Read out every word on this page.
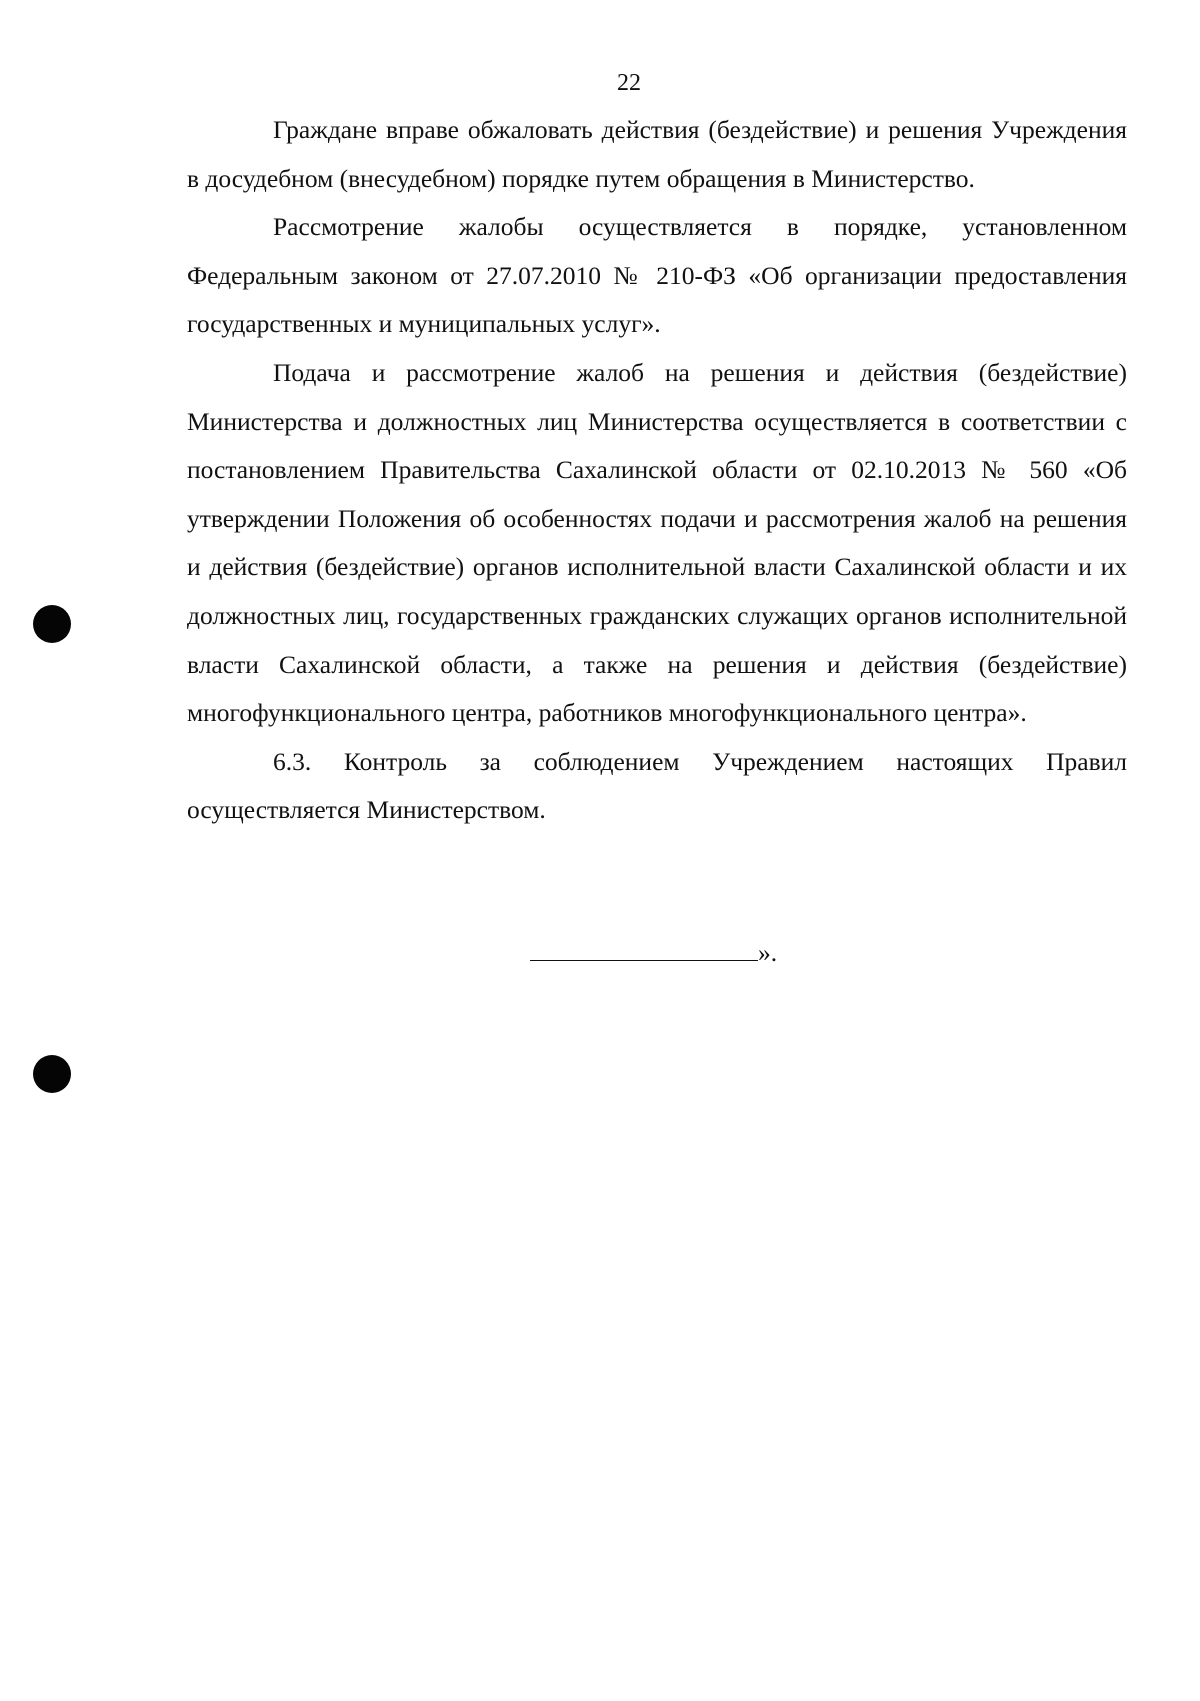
22

Граждане вправе обжаловать действия (бездействие) и решения Учреждения в досудебном (внесудебном) порядке путем обращения в Министерство.

Рассмотрение жалобы осуществляется в порядке, установленном Федеральным законом от 27.07.2010 № 210-ФЗ «Об организации предоставления государственных и муниципальных услуг».

Подача и рассмотрение жалоб на решения и действия (бездействие) Министерства и должностных лиц Министерства осуществляется в соответствии с постановлением Правительства Сахалинской области от 02.10.2013 № 560 «Об утверждении Положения об особенностях подачи и рассмотрения жалоб на решения и действия (бездействие) органов исполнительной власти Сахалинской области и их должностных лиц, государственных гражданских служащих органов исполнительной власти Сахалинской области, а также на решения и действия (бездействие) многофункционального центра, работников многофункционального центра».

6.3. Контроль за соблюдением Учреждением настоящих Правил осуществляется Министерством.

».
